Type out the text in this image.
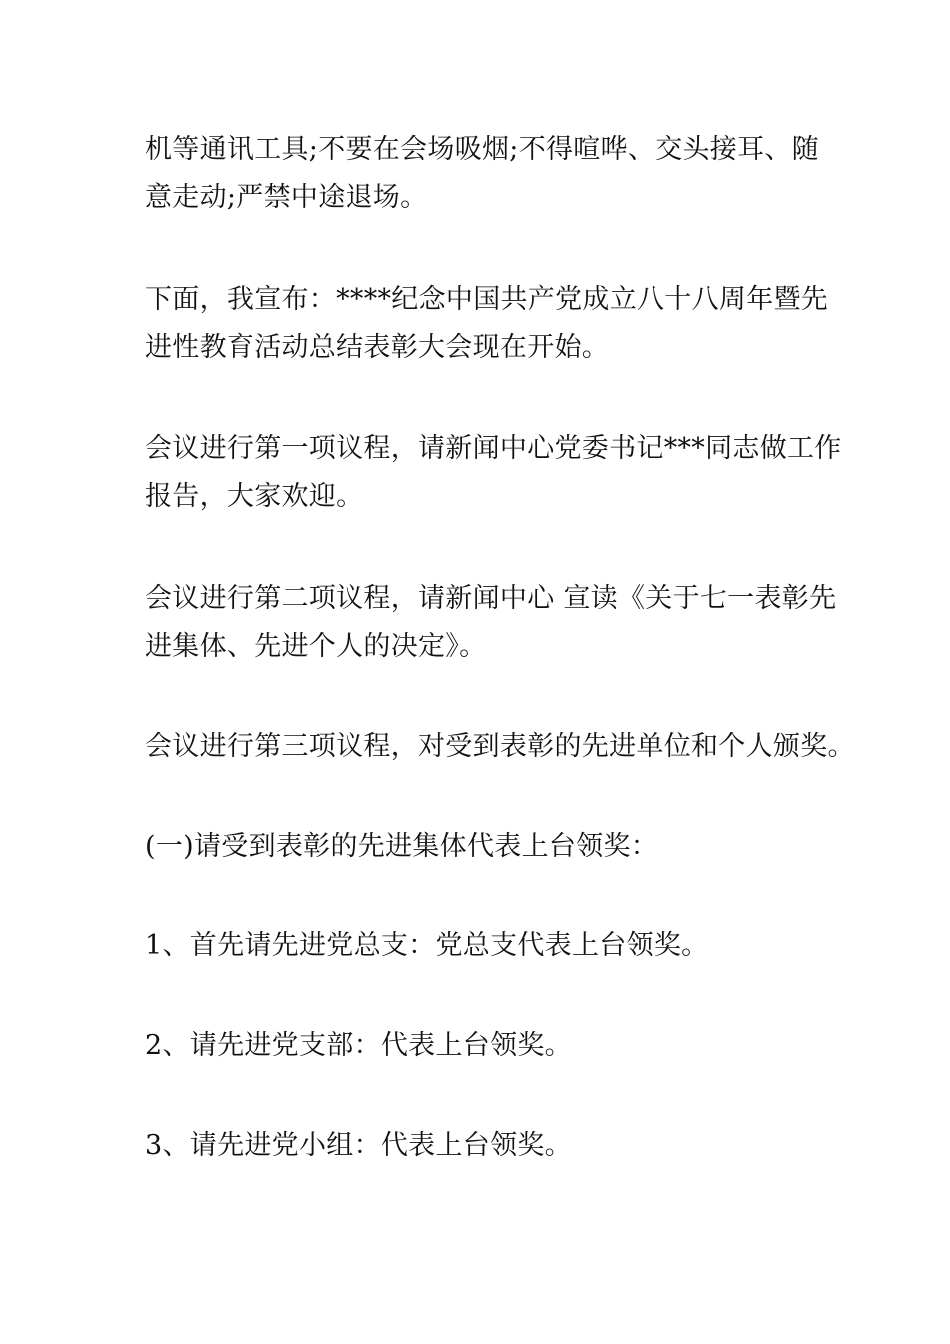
机等通讯工具;不要在会场吸烟;不得喧哗、交头接耳、随
意走动;严禁中途退场。

下面，我宣布：****纪念中国共产党成立八十八周年暨先
进性教育活动总结表彰大会现在开始。

会议进行第一项议程，请新闻中心党委书记***同志做工作
报告，大家欢迎。

会议进行第二项议程，请新闻中心 宣读《关于七一表彰先
进集体、先进个人的决定》。

会议进行第三项议程，对受到表彰的先进单位和个人颁奖。

(一)请受到表彰的先进集体代表上台领奖：

1、首先请先进党总支：党总支代表上台领奖。

2、请先进党支部：代表上台领奖。

3、请先进党小组：代表上台领奖。
